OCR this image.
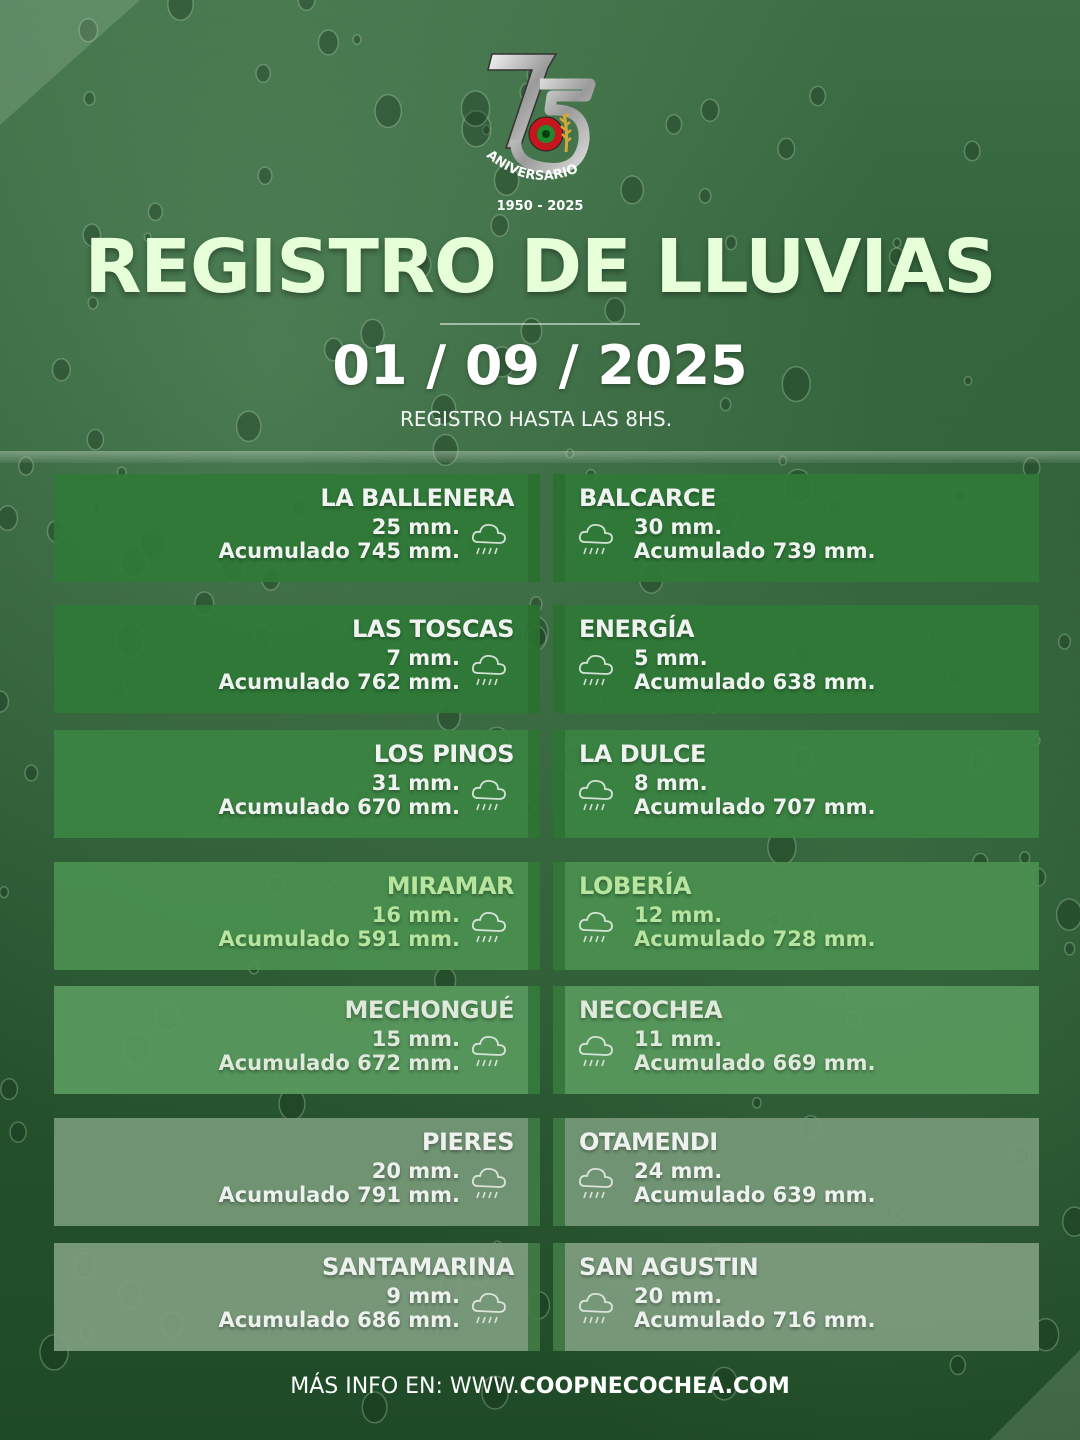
ANIVERSARIO
1950 - 2025
REGISTRO DE LLUVIAS
01 / 09 / 2025
REGISTRO HASTA LAS 8HS.
LA BALLENERA
25 mm.
Acumulado 745 mm.
BALCARCE
30 mm.
Acumulado 739 mm.
LAS TOSCAS
7 mm.
Acumulado 762 mm.
ENERGÍA
5 mm.
Acumulado 638 mm.
LOS PINOS
31 mm.
Acumulado 670 mm.
LA DULCE
8 mm.
Acumulado 707 mm.
MIRAMAR
16 mm.
Acumulado 591 mm.
LOBERÍA
12 mm.
Acumulado 728 mm.
MECHONGUÉ
15 mm.
Acumulado 672 mm.
NECOCHEA
11 mm.
Acumulado 669 mm.
PIERES
20 mm.
Acumulado 791 mm.
OTAMENDI
24 mm.
Acumulado 639 mm.
SANTAMARINA
9 mm.
Acumulado 686 mm.
SAN AGUSTIN
20 mm.
Acumulado 716 mm.
MÁS INFO EN: WWW.COOPNECOCHEA.COM
